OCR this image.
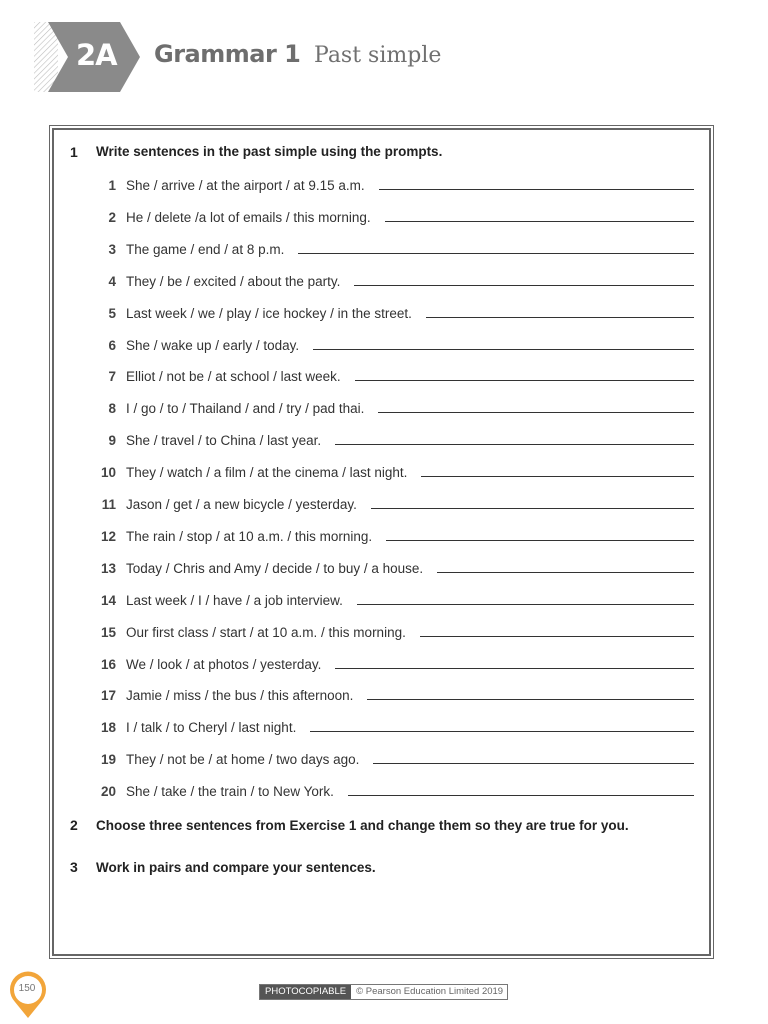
2A	Grammar 1 Past simple
1 Write sentences in the past simple using the prompts.
1 She / arrive / at the airport / at 9.15 a.m.
2 He / delete /a lot of emails / this morning.
3 The game / end / at 8 p.m.
4 They / be / excited / about the party.
5 Last week / we / play / ice hockey / in the street.
6 She / wake up / early / today.
7 Elliot / not be / at school / last week.
8 I / go / to / Thailand / and / try / pad thai.
9 She / travel / to China / last year.
10 They / watch / a film / at the cinema / last night.
11 Jason / get / a new bicycle / yesterday.
12 The rain / stop / at 10 a.m. / this morning.
13 Today / Chris and Amy / decide / to buy / a house.
14 Last week / I / have / a job interview.
15 Our first class / start / at 10 a.m. / this morning.
16 We / look / at photos / yesterday.
17 Jamie / miss / the bus / this afternoon.
18 I / talk / to Cheryl / last night.
19 They / not be / at home / two days ago.
20 She / take / the train / to New York.
2 Choose three sentences from Exercise 1 and change them so they are true for you.
3 Work in pairs and compare your sentences.
150	PHOTOCOPIABLE	© Pearson Education Limited 2019
